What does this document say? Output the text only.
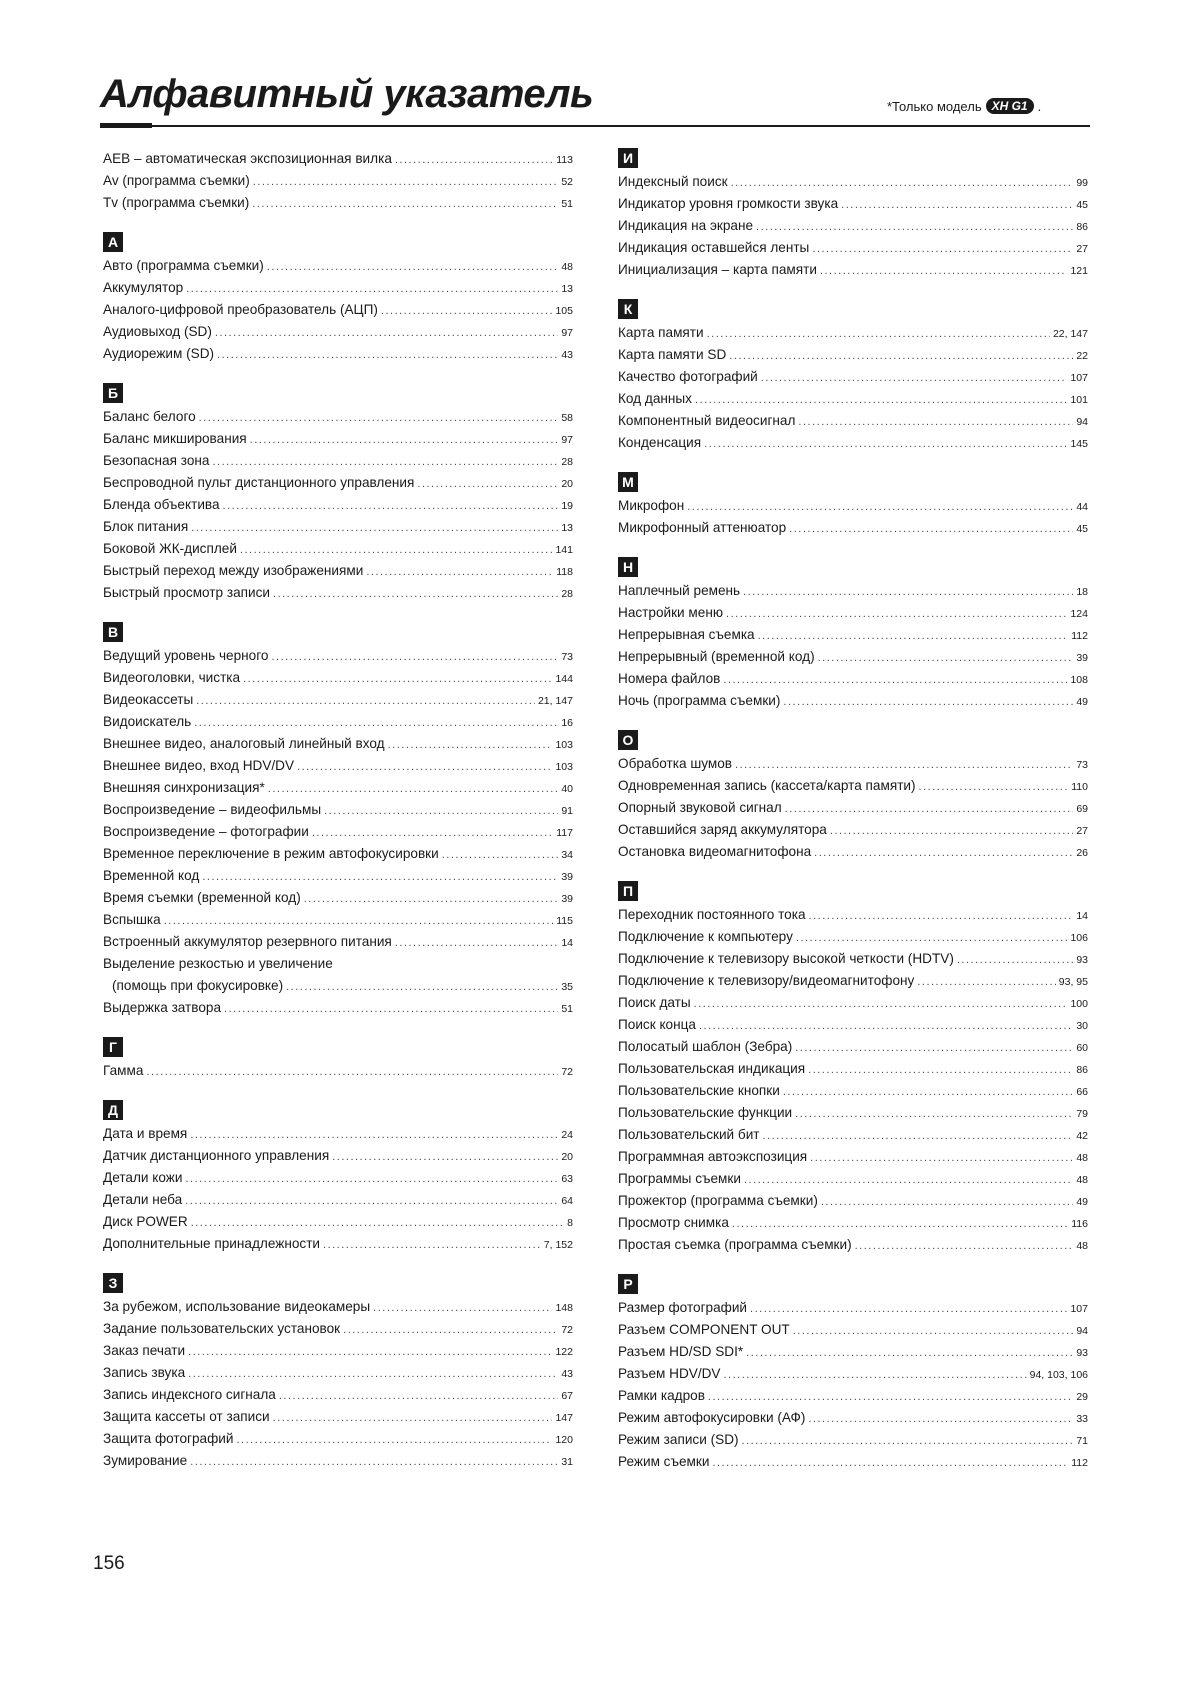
Алфавитный указатель	*Только модель XH G1 .
AEB – автоматическая экспозиционная вилка .....	113
Av (программа съемки) .....	52
Tv (программа съемки) .....	51
А
Авто (программа съемки) .....	48
Аккумулятор .....	13
Аналого-цифровой преобразователь (АЦП) .....	105
Аудиовыход (SD) .....	97
Аудиорежим (SD) .....	43
Б
Баланс белого .....	58
Баланс микширования .....	97
Безопасная зона .....	28
Беспроводной пульт дистанционного управления .....	20
Бленда объектива .....	19
Блок питания .....	13
Боковой ЖК-дисплей .....	141
Быстрый переход между изображениями .....	118
Быстрый просмотр записи .....	28
В
Ведущий уровень черного .....	73
Видеоголовки, чистка .....	144
Видеокассеты .....	21, 147
Видоискатель .....	16
Внешнее видео, аналоговый линейный вход .....	103
Внешнее видео, вход HDV/DV .....	103
Внешняя синхронизация* .....	40
Воспроизведение – видеофильмы .....	91
Воспроизведение – фотографии .....	117
Временное переключение в режим автофокусировки .....	34
Временной код .....	39
Время съемки (временной код) .....	39
Вспышка .....	115
Встроенный аккумулятор резервного питания .....	14
Выделение резкостью и увеличение
(помощь при фокусировке) .....	35
Выдержка затвора .....	51
Г
Гамма .....	72
Д
Дата и время .....	24
Датчик дистанционного управления .....	20
Детали кожи .....	63
Детали неба .....	64
Диск POWER .....	8
Дополнительные принадлежности .....	7, 152
З
За рубежом, использование видеокамеры .....	148
Задание пользовательских установок .....	72
Заказ печати .....	122
Запись звука .....	43
Запись индексного сигнала .....	67
Защита кассеты от записи .....	147
Защита фотографий .....	120
Зумирование .....	31
И
Индексный поиск .....	99
Индикатор уровня громкости звука .....	45
Индикация на экране .....	86
Индикация оставшейся ленты .....	27
Инициализация – карта памяти .....	121
К
Карта памяти .....	22, 147
Карта памяти SD .....	22
Качество фотографий .....	107
Код данных .....	101
Компонентный видеосигнал .....	94
Конденсация .....	145
М
Микрофон .....	44
Микрофонный аттенюатор .....	45
Н
Наплечный ремень .....	18
Настройки меню .....	124
Непрерывная съемка .....	112
Непрерывный (временной код) .....	39
Номера файлов .....	108
Ночь (программа съемки) .....	49
О
Обработка шумов .....	73
Одновременная запись (кассета/карта памяти) .....	110
Опорный звуковой сигнал .....	69
Оставшийся заряд аккумулятора .....	27
Остановка видеомагнитофона .....	26
П
Переходник постоянного тока .....	14
Подключение к компьютеру .....	106
Подключение к телевизору высокой четкости (HDTV) .....	93
Подключение к телевизору/видеомагнитофону .....	93, 95
Поиск даты .....	100
Поиск конца .....	30
Полосатый шаблон (Зебра) .....	60
Пользовательская индикация .....	86
Пользовательские кнопки .....	66
Пользовательские функции .....	79
Пользовательский бит .....	42
Программная автоэкспозиция .....	48
Программы съемки .....	48
Прожектор (программа съемки) .....	49
Просмотр снимка .....	116
Простая съемка (программа съемки) .....	48
Р
Размер фотографий .....	107
Разъем COMPONENT OUT .....	94
Разъем HD/SD SDI* .....	93
Разъем HDV/DV .....	94, 103, 106
Рамки кадров .....	29
Режим автофокусировки (АФ) .....	33
Режим записи (SD) .....	71
Режим съемки .....	112
156
